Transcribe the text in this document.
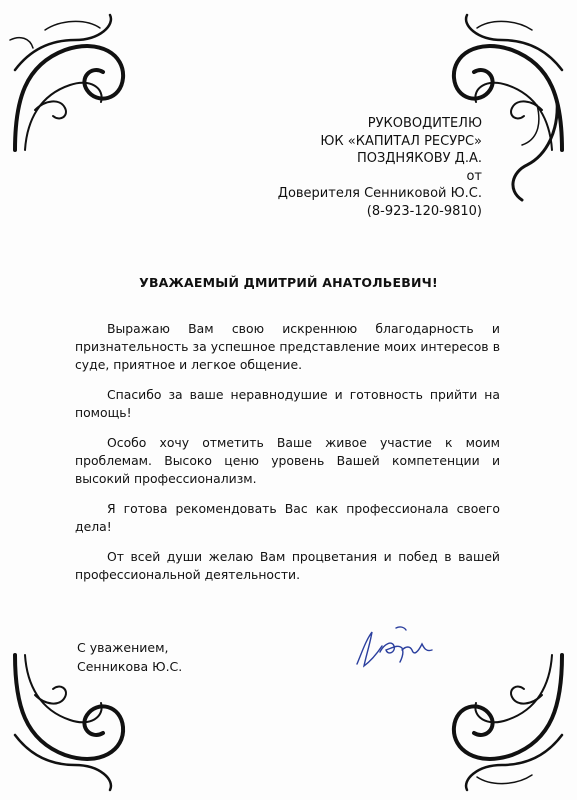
РУКОВОДИТЕЛЮ
ЮК «КАПИТАЛ РЕСУРС»
ПОЗДНЯКОВУ Д.А.
от
Доверителя Сенниковой Ю.С.
(8-923-120-9810)
УВАЖАЕМЫЙ ДМИТРИЙ АНАТОЛЬЕВИЧ!

Выражаю Вам свою искреннюю благодарность и признательность за успешное представление моих интересов в суде, приятное и легкое общение.

Спасибо за ваше неравнодушие и готовность прийти на помощь!

Особо хочу отметить Ваше живое участие к моим проблемам. Высоко ценю уровень Вашей компетенции и высокий профессионализм.

Я готова рекомендовать Вас как профессионала своего дела!

От всей души желаю Вам процветания и побед в вашей профессиональной деятельности.

С уважением,
Сенникова Ю.С.
